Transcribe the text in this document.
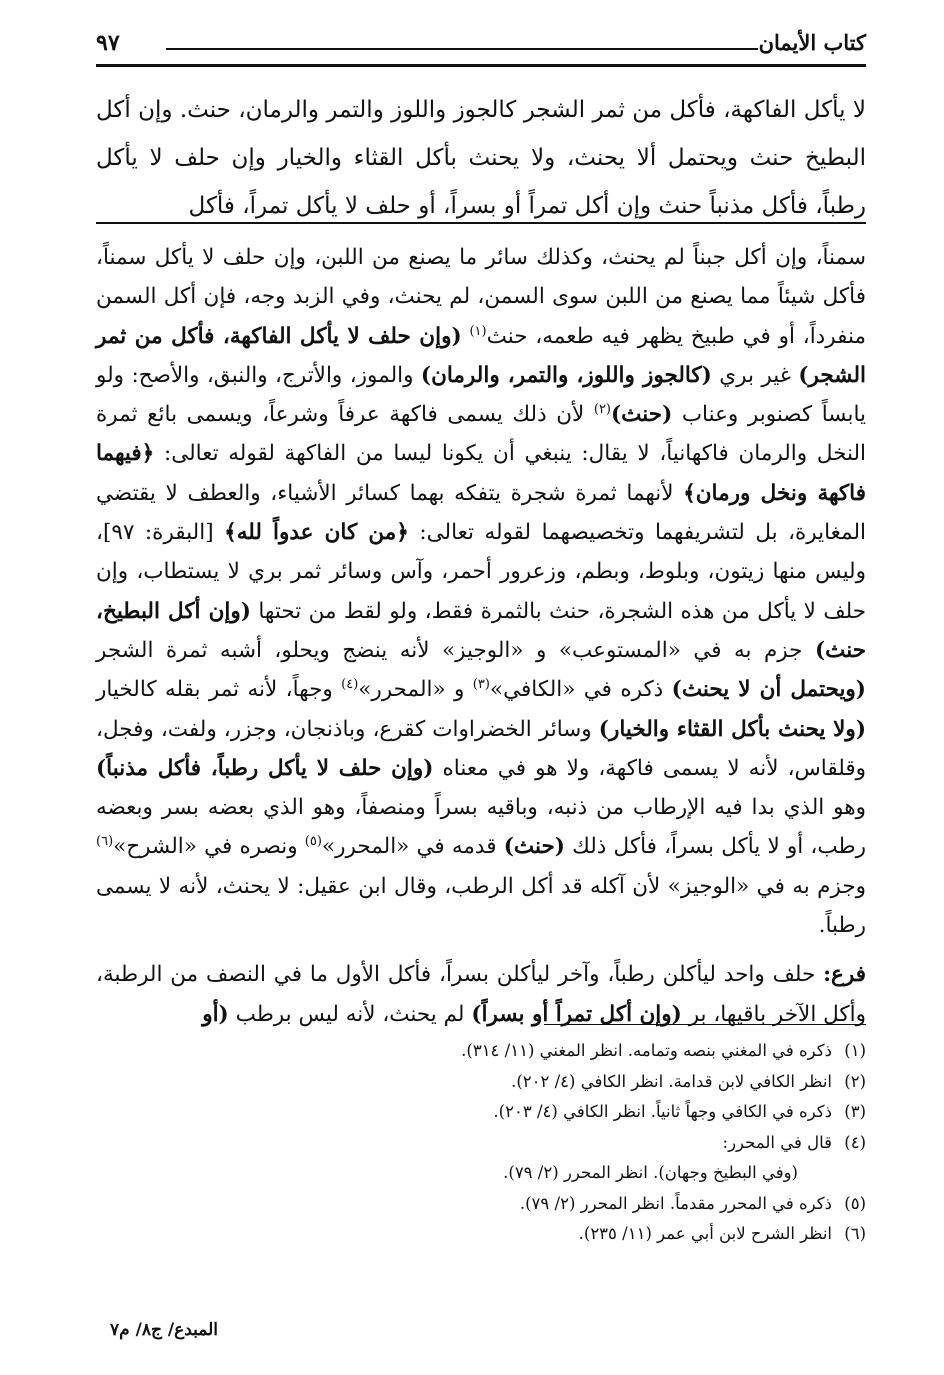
كتاب الأيمان
٩٧
لا يأكل الفاكهة، فأكل من ثمر الشجر كالجوز واللوز والتمر والرمان، حنث. وإن أكل البطيخ حنث ويحتمل ألا يحنث، ولا يحنث بأكل القثاء والخيار وإن حلف لا يأكل رطباً، فأكل مذنباً حنث وإن أكل تمراً أو بسراً، أو حلف لا يأكل تمراً، فأكل

سمناً، وإن أكل جبناً لم يحنث، وكذلك سائر ما يصنع من اللبن، وإن حلف لا يأكل سمناً، فأكل شيئاً مما يصنع من اللبن سوى السمن، لم يحنث، وفي الزبد وجه، فإن أكل السمن منفرداً، أو في طبيخ يظهر فيه طعمه، حنث$^{(١)}$ (وإن حلف لا يأكل الفاكهة، فأكل من ثمر الشجر) غير بري (كالجوز واللوز، والتمر، والرمان) والموز، والأترج، والنبق، والأصح: ولو يابساً كصنوبر وعناب (حنث)$^{(٢)}$ لأن ذلك يسمى فاكهة عرفاً وشرعاً، ويسمى بائع ثمرة النخل والرمان فاكهانياً، لا يقال: ينبغي أن يكونا ليسا من الفاكهة لقوله تعالى: ﴿فيهما فاكهة ونخل ورمان﴾ لأنهما ثمرة شجرة يتفكه بهما كسائر الأشياء، والعطف لا يقتضي المغايرة، بل لتشريفهما وتخصيصهما لقوله تعالى: ﴿من كان عدواً لله﴾ [البقرة: ٩٧]، وليس منها زيتون، وبلوط، وبطم، وزعرور أحمر، وآس وسائر ثمر بري لا يستطاب، وإن حلف لا يأكل من هذه الشجرة، حنث بالثمرة فقط، ولو لقط من تحتها (وإن أكل البطيخ، حنث) جزم به في «المستوعب» و «الوجيز» لأنه ينضج ويحلو، أشبه ثمرة الشجر (ويحتمل أن لا يحنث) ذكره في «الكافي»$^{(٣)}$ و «المحرر»$^{(٤)}$ وجهاً، لأنه ثمر بقله كالخيار (ولا يحنث بأكل القثاء والخيار) وسائر الخضراوات كقرع، وباذنجان، وجزر، ولفت، وفجل، وقلقاس، لأنه لا يسمى فاكهة، ولا هو في معناه (وإن حلف لا يأكل رطباً، فأكل مذنباً) وهو الذي بدا فيه الإرطاب من ذنبه، وباقيه بسراً ومنصفاً، وهو الذي بعضه بسر وبعضه رطب، أو لا يأكل بسراً، فأكل ذلك (حنث) قدمه في «المحرر»$^{(٥)}$ ونصره في «الشرح»$^{(٦)}$ وجزم به في «الوجيز» لأن آكله قد أكل الرطب، وقال ابن عقيل: لا يحنث، لأنه لا يسمى رطباً.

فرع: حلف واحد ليأكلن رطباً، وآخر ليأكلن بسراً، فأكل الأول ما في النصف من الرطبة، وأكل الآخر باقيها، بر (وإن أكل تمراً أو بسراً) لم يحنث، لأنه ليس برطب (أو

(١)ذكره في المغني بنصه وتمامه. انظر المغني (١١/ ٣١٤).
(٢)انظر الكافي لابن قدامة. انظر الكافي (٤/ ٢٠٢).
(٣)ذكره في الكافي وجهاً ثانياً. انظر الكافي (٤/ ٢٠٣).
(٤)قال في المحرر:
(وفي البطيخ وجهان). انظر المحرر (٢/ ٧٩).
(٥)ذكره في المحرر مقدماً. انظر المحرر (٢/ ٧٩).
(٦)انظر الشرح لابن أبي عمر (١١/ ٢٣٥).
المبدع/ ج٨/ م٧
